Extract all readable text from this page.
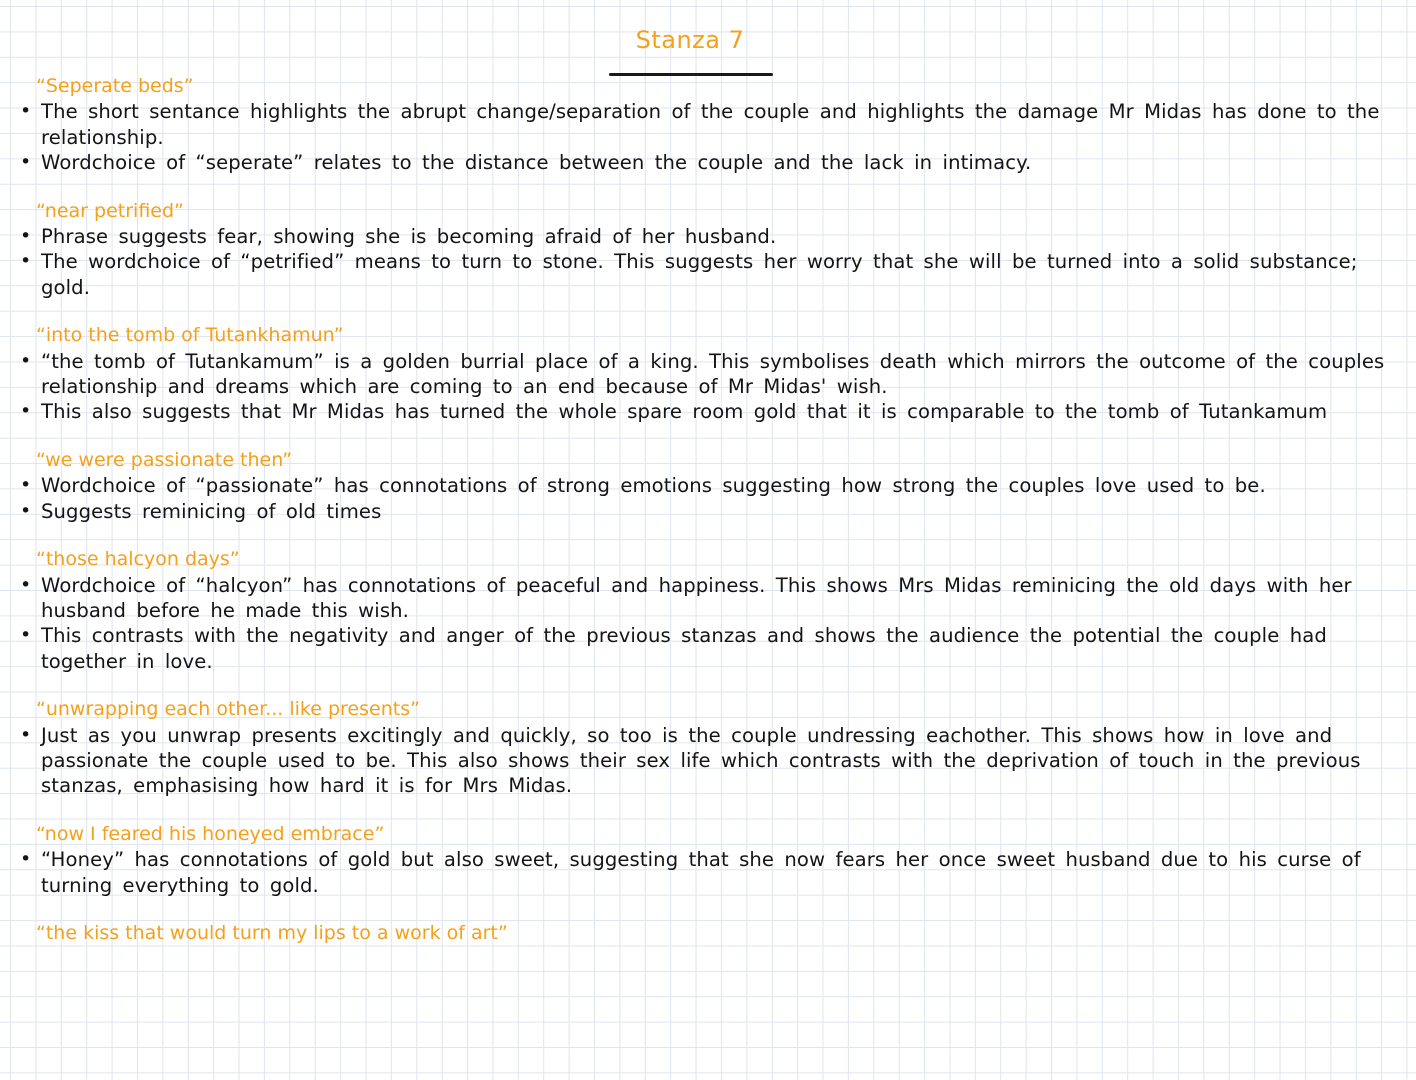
Stanza 7
“Seperate beds”
• The short sentance highlights the abrupt change/separation of the couple and highlights the damage Mr Midas has done to the relationship.
• Wordchoice of “seperate” relates to the distance between the couple and the lack in intimacy.
“near petrified”
• Phrase suggests fear, showing she is becoming afraid of her husband.
• The wordchoice of “petrified” means to turn to stone. This suggests her worry that she will be turned into a solid substance; gold.
“into the tomb of Tutankhamun”
• “the tomb of Tutankamum” is a golden burrial place of a king. This symbolises death which mirrors the outcome of the couples relationship and dreams which are coming to an end because of Mr Midas' wish.
• This also suggests that Mr Midas has turned the whole spare room gold that it is comparable to the tomb of Tutankamum
“we were passionate then”
• Wordchoice of “passionate” has connotations of strong emotions suggesting how strong the couples love used to be.
• Suggests reminicing of old times
“those halcyon days”
• Wordchoice of “halcyon” has connotations of peaceful and happiness. This shows Mrs Midas reminicing the old days with her husband before he made this wish.
• This contrasts with the negativity and anger of the previous stanzas and shows the audience the potential the couple had together in love.
“unwrapping each other... like presents”
• Just as you unwrap presents excitingly and quickly, so too is the couple undressing eachother. This shows how in love and passionate the couple used to be. This also shows their sex life which contrasts with the deprivation of touch in the previous stanzas, emphasising how hard it is for Mrs Midas.
“now I feared his honeyed embrace”
• “Honey” has connotations of gold but also sweet, suggesting that she now fears her once sweet husband due to his curse of turning everything to gold.
“the kiss that would turn my lips to a work of art”
